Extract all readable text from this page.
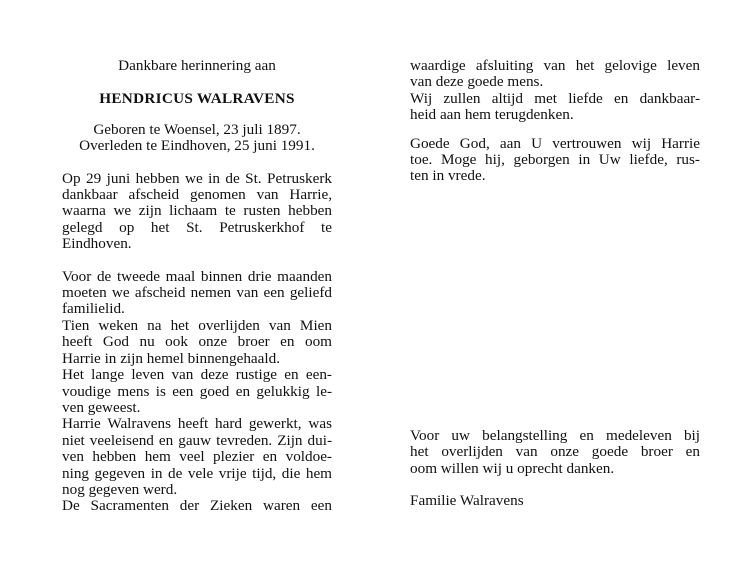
Dankbare herinnering aan
HENDRICUS WALRAVENS
Geboren te Woensel, 23 juli 1897.
Overleden te Eindhoven, 25 juni 1991.
Op 29 juni hebben we in de St. Petruskerk
dankbaar afscheid genomen van Harrie,
waarna we zijn lichaam te rusten hebben
gelegd op het St. Petruskerkhof te
Eindhoven.
Voor de tweede maal binnen drie maanden
moeten we afscheid nemen van een geliefd
familielid.
Tien weken na het overlijden van Mien
heeft God nu ook onze broer en oom
Harrie in zijn hemel binnengehaald.
Het lange leven van deze rustige en een-
voudige mens is een goed en gelukkig le-
ven geweest.
Harrie Walravens heeft hard gewerkt, was
niet veeleisend en gauw tevreden. Zijn dui-
ven hebben hem veel plezier en voldoe-
ning gegeven in de vele vrije tijd, die hem
nog gegeven werd.
De Sacramenten der Zieken waren een
waardige afsluiting van het gelovige leven
van deze goede mens.
Wij zullen altijd met liefde en dankbaar-
heid aan hem terugdenken.
Goede God, aan U vertrouwen wij Harrie
toe. Moge hij, geborgen in Uw liefde, rus-
ten in vrede.
Voor uw belangstelling en medeleven bij
het overlijden van onze goede broer en
oom willen wij u oprecht danken.
Familie Walravens
